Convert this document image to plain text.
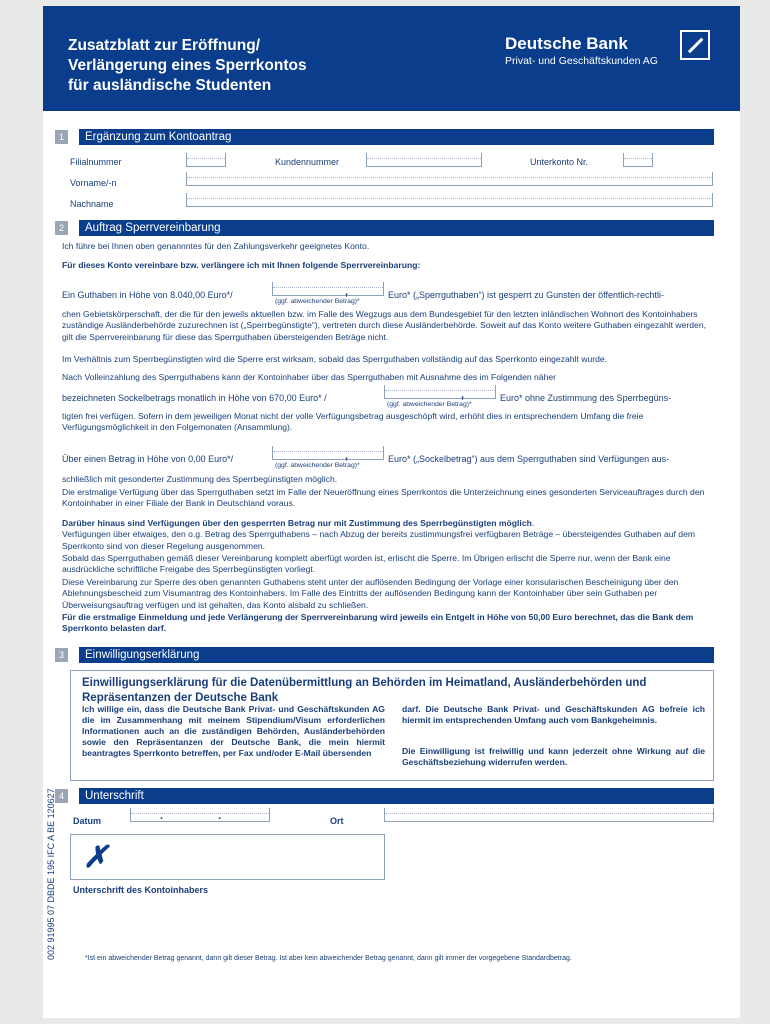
Zusatzblatt zur Eröffnung/
Verlängerung eines Sperrkontos
für ausländische Studenten
Deutsche Bank
Privat- und Geschäftskunden AG
1	Ergänzung zum Kontoantrag
Filialnummer	Kundennummer	Unterkonto Nr.
Vorname/-n
Nachname
2	Auftrag Sperrvereinbarung
Ich führe bei Ihnen oben genannntes für den Zahlungsverkehr geeignetes Konto.
Für dieses Konto vereinbare bzw. verlängere ich mit Ihnen folgende Sperrvereinbarung:
Ein Guthaben in Höhe von 8.040,00 Euro*/	,
(ggf. abweichender Betrag)*
Euro* („Sperrguthaben“) ist gesperrt zu Gunsten der öffentlich-rechtli-
chen Gebietskörperschaft, der die für den jeweils aktuellen bzw. im Falle des Wegzugs aus dem Bundesgebiet für den letzten inländischen Wohnort des Kontoinhabers zuständige Ausländerbehörde zuzurechnen ist („Sperrbegünstigte“), vertreten durch diese Ausländerbehörde. Soweit auf das Konto weitere Guthaben eingezahlt werden, gilt die Sperrvereinbarung für diese das Sperrguthaben übersteigenden Beträge nicht.
Im Verhältnis zum Sperrbegünstigten wird die Sperre erst wirksam, sobald das Sperrguthaben vollständig auf das Sperrkonto eingezahlt wurde.
Nach Volleinzahlung des Sperrguthabens kann der Kontoinhaber über das Sperrguthaben mit Ausnahme des im Folgenden näher
bezeichneten Sockelbetrags monatlich in Höhe von 670,00 Euro* /	,
(ggf. abweichender Betrag)*
Euro* ohne Zustimmung des Sperrbegüns-
tigten frei verfügen. Sofern in dem jeweiligen Monat nicht der volle Verfügungsbetrag ausgeschöpft wird, erhöht dies in entsprechendem Umfang die freie Verfügungsmöglichkeit in den Folgemonaten (Ansammlung).
Über einen Betrag in Höhe von 0,00 Euro*/	,
(ggf. abweichender Betrag)*
Euro* („Sockelbetrag“) aus dem Sperrguthaben sind Verfügungen aus-
schließlich mit gesonderter Zustimmung des Sperrbegünstigten möglich.
Die erstmalige Verfügung über das Sperrguthaben setzt im Falle der Neueröffnung eines Sperrkontos die Unterzeichnung eines gesonderten Serviceauftrages durch den Kontoinhaber in einer Filiale der Bank in Deutschland voraus.
Darüber hinaus sind Verfügungen über den gesperrten Betrag nur mit Zustimmung des Sperrbegünstigten möglich.
Verfügungen über etwaiges, den o.g. Betrag des Sperrguthabens – nach Abzug der bereits zustimmungsfrei verfügbaren Beträge – übersteigendes Guthaben auf dem Sperrkonto sind von dieser Regelung ausgenommen.
Sobald das Sperrguthaben gemäß dieser Vereinbarung komplett aberfügt worden ist, erlischt die Sperre. Im Übrigen erlischt die Sperre nur, wenn der Bank eine ausdrückliche schriftliche Freigabe des Sperrbegünstigten vorliegt.
Diese Vereinbarung zur Sperre des oben genannten Guthabens steht unter der auflösenden Bedingung der Vorlage einer konsularischen Bescheinigung über den Ablehnungsbescheid zum Visumantrag des Kontoinhabers. Im Falle des Eintritts der auflösenden Bedingung kann der Kontoinhaber über sein Guthaben per Überweisungsauftrag verfügen und ist gehalten, das Konto alsbald zu schließen.
Für die erstmalige Einmeldung und jede Verlängerung der Sperrvereinbarung wird jeweils ein Entgelt in Höhe von 50,00 Euro berechnet, das die Bank dem Sperrkonto belasten darf.
3	Einwilligungserklärung
Einwilligungserklärung für die Datenübermittlung an Behörden im Heimatland, Ausländerbehörden und Repräsentanzen der Deutsche Bank
Ich willige ein, dass die Deutsche Bank Privat- und Geschäftskunden AG die im Zusammenhang mit meinem Stipendium/Visum erforderlichen Informationen auch an die zuständigen Behörden, Ausländerbehörden sowie den Repräsentanzen der Deutsche Bank, die mein hiermit beantragtes Sperrkonto betreffen, per Fax und/oder E-Mail übersenden
darf. Die Deutsche Bank Privat- und Geschäftskunden AG befreie ich hiermit im entsprechenden Umfang auch vom Bankgeheimnis.
Die Einwilligung ist freiwillig und kann jederzeit ohne Wirkung auf die Geschäftsbeziehung widerrufen werden.
4	Unterschrift
Datum	. .	Ort
✗
Unterschrift des Kontoinhabers
*Ist ein abweichender Betrag genannt, dann gilt dieser Betrag. Ist aber kein abweichender Betrag genannt, dann gilt immer der vorgegebene Standardbetrag.
002 91995 07 DBDE 195 IFC A BE 120627
